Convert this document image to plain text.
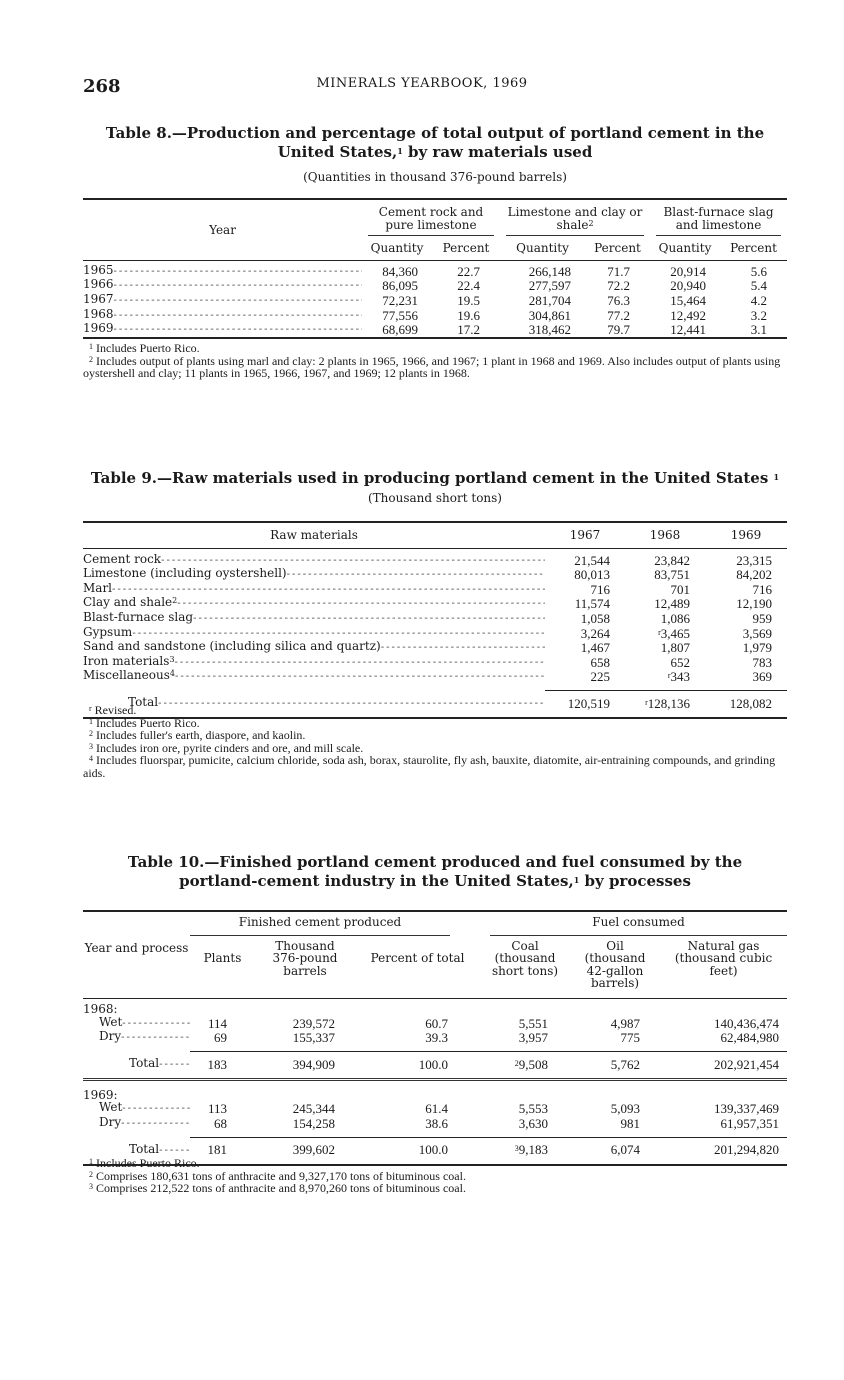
268	MINERALS YEARBOOK, 1969
Table 8.—Production and percentage of total output of portland cement in the
United States,$^1$ by raw materials used
(Quantities in thousand 376-pound barrels)
Year	Cement rock and pure limestone		Limestone and clay or shale$^2$		Blast-furnace slag and limestone	

	Quantity	Percent	Quantity	Percent	Quantity	Percent
1965 -----	84,360	22.7	266,148	71.7	20,914	5.6
1966 -----	86,095	22.4	277,597	72.2	20,940	5.4
1967 -----	72,231	19.5	281,704	76.3	15,464	4.2
1968 -----	77,556	19.6	304,861	77.2	12,492	3.2
1969 -----	68,699	17.2	318,462	79.7	12,441	3.1
$^1$ Includes Puerto Rico.
$^2$ Includes output of plants using marl and clay: 2 plants in 1965, 1966, and 1967; 1 plant in 1968 and 1969. Also includes output of plants using oystershell and clay; 11 plants in 1965, 1966, 1967, and 1969; 12 plants in 1968.
Table 9.—Raw materials used in producing portland cement in the United States $^1$
(Thousand short tons)
Raw materials	1967	1968	1969
Cement rock -----	21,544	23,842	23,315
Limestone (including oystershell) -----	80,013	83,751	84,202
Marl -----	716	701	716
Clay and shale$^2$ -----	11,574	12,489	12,190
Blast-furnace slag -----	1,058	1,086	959
Gypsum -----	3,264	$^r$3,465	3,569
Sand and sandstone (including silica and quartz) -----	1,467	1,807	1,979
Iron materials$^3$ -----	658	652	783
Miscellaneous$^4$ -----	225	$^r$343	369

Total -----	120,519	$^r$128,136	128,082
$^r$ Revised.
$^1$ Includes Puerto Rico.
$^2$ Includes fuller's earth, diaspore, and kaolin.
$^3$ Includes iron ore, pyrite cinders and ore, and mill scale.
$^4$ Includes fluorspar, pumicite, calcium chloride, soda ash, borax, staurolite, fly ash, bauxite, diatomite, air-entraining compounds, and grinding aids.
Table 10.—Finished portland cement produced and fuel consumed by the
portland-cement industry in the United States,$^1$ by processes
Year and process	Finished cement produced			Fuel consumed		

	Plants	Thousand 376-pound barrels	Percent of total	Coal (thousand short tons)	Oil (thousand 42-gallon barrels)	Natural gas (thousand cubic feet)
1968:						
Wet -----	114	239,572	60.7	5,551	4,987	140,436,474
Dry -----	69	155,337	39.3	3,957	775	62,484,980

Total -----	183	394,909	100.0	$^2$9,508	5,762	202,921,454
1969:						
Wet -----	113	245,344	61.4	5,553	5,093	139,337,469
Dry -----	68	154,258	38.6	3,630	981	61,957,351

Total -----	181	399,602	100.0	$^3$9,183	6,074	201,294,820
$^1$ Includes Puerto Rico.
$^2$ Comprises 180,631 tons of anthracite and 9,327,170 tons of bituminous coal.
$^3$ Comprises 212,522 tons of anthracite and 8,970,260 tons of bituminous coal.
